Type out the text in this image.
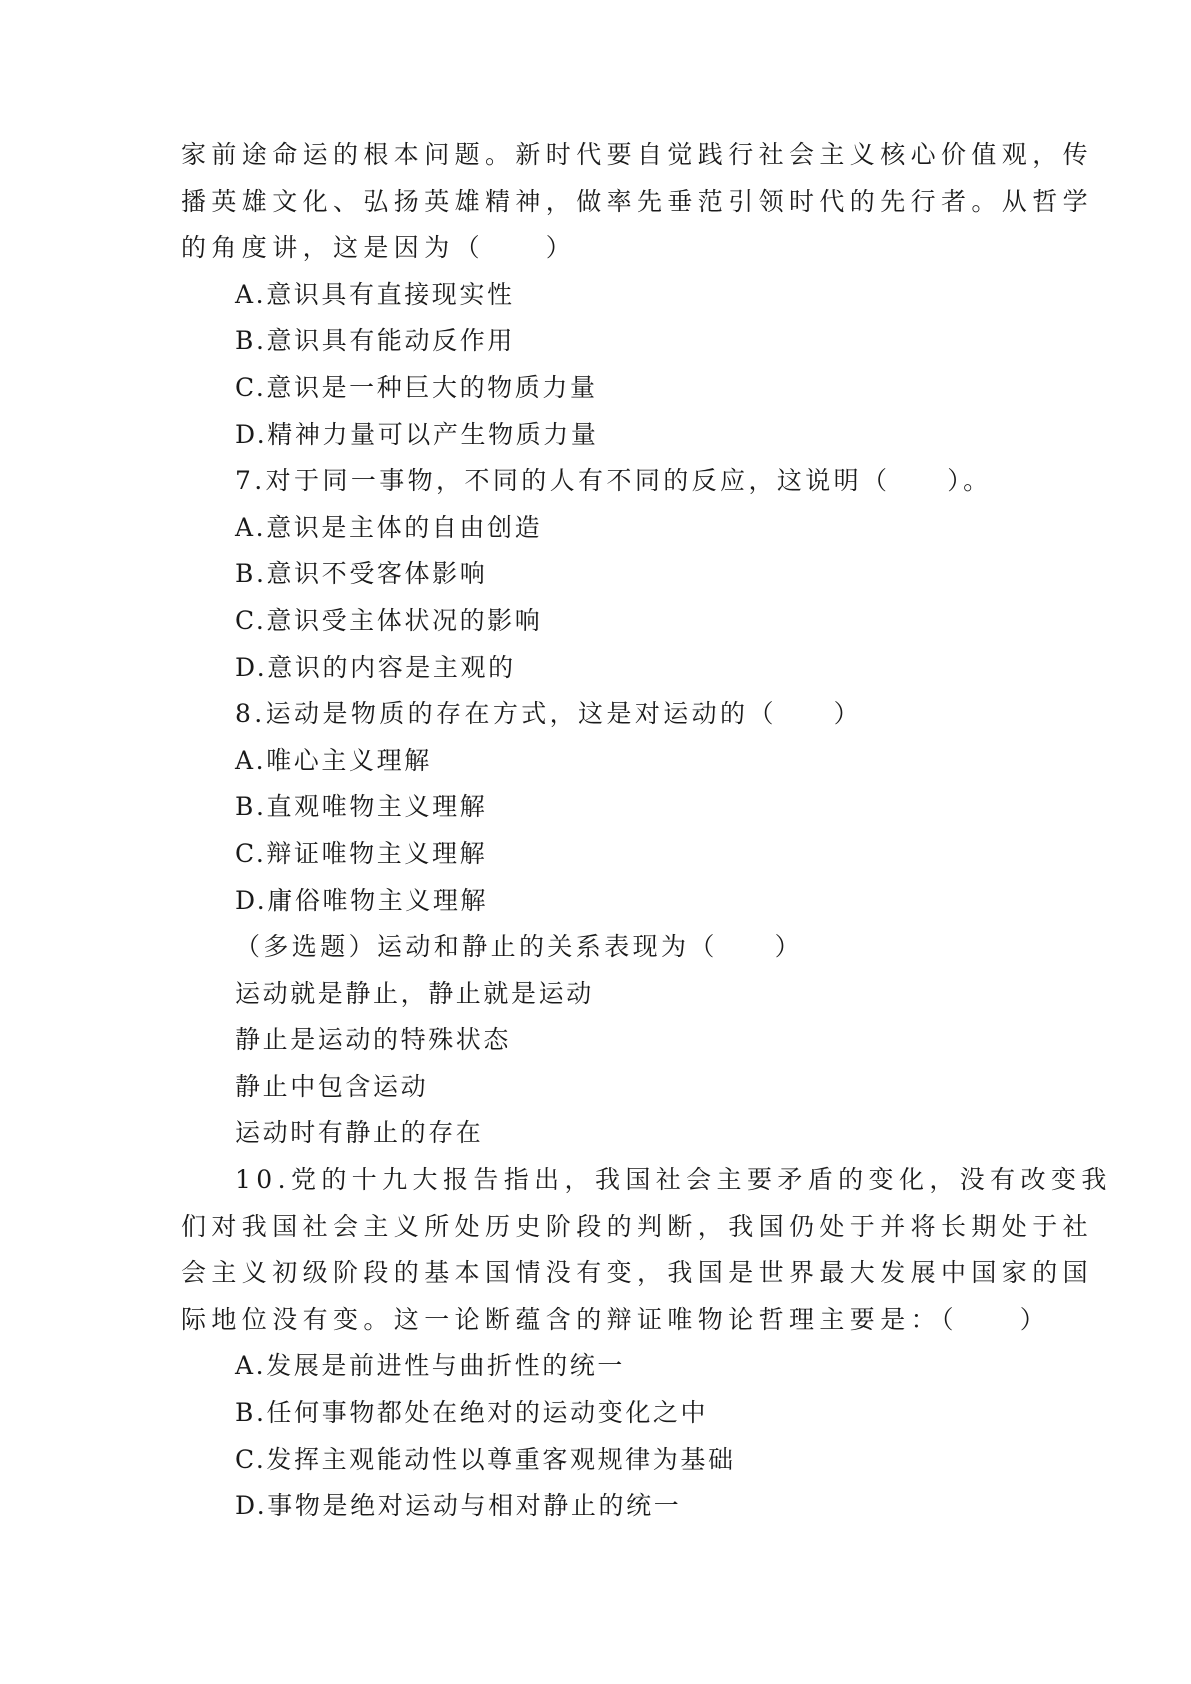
家前途命运的根本问题。新时代要自觉践行社会主义核心价值观，传
播英雄文化、弘扬英雄精神，做率先垂范引领时代的先行者。从哲学
的角度讲，这是因为（　　）
A.意识具有直接现实性
B.意识具有能动反作用
C.意识是一种巨大的物质力量
D.精神力量可以产生物质力量
7.对于同一事物，不同的人有不同的反应，这说明（　　）。
A.意识是主体的自由创造
B.意识不受客体影响
C.意识受主体状况的影响
D.意识的内容是主观的
8.运动是物质的存在方式，这是对运动的（　　）
A.唯心主义理解
B.直观唯物主义理解
C.辩证唯物主义理解
D.庸俗唯物主义理解
（多选题）运动和静止的关系表现为（　　）
运动就是静止，静止就是运动
静止是运动的特殊状态
静止中包含运动
运动时有静止的存在
10.党的十九大报告指出，我国社会主要矛盾的变化，没有改变我
们对我国社会主义所处历史阶段的判断，我国仍处于并将长期处于社
会主义初级阶段的基本国情没有变，我国是世界最大发展中国家的国
际地位没有变。这一论断蕴含的辩证唯物论哲理主要是：（　　）
A.发展是前进性与曲折性的统一
B.任何事物都处在绝对的运动变化之中
C.发挥主观能动性以尊重客观规律为基础
D.事物是绝对运动与相对静止的统一
